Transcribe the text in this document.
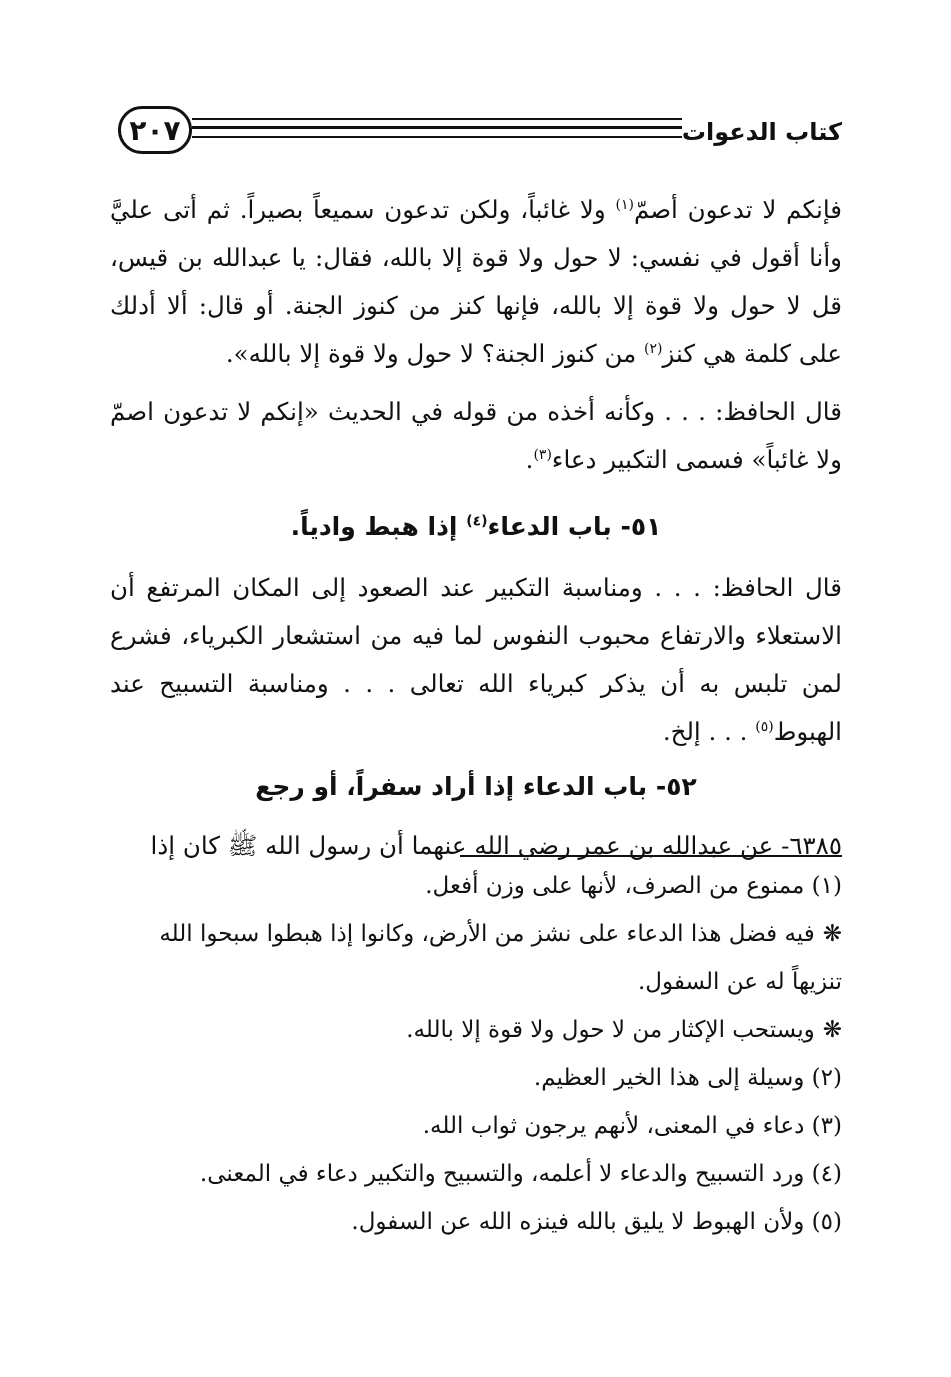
٢٠٧	كتاب الدعوات

فإنكم لا تدعون أصمّ$^{(١)}$ ولا غائباً، ولكن تدعون سميعاً بصيراً. ثم أتى عليَّ وأنا أقول في نفسي: لا حول ولا قوة إلا بالله، فقال: يا عبدالله بن قيس، قل لا حول ولا قوة إلا بالله، فإنها كنز من كنوز الجنة. أو قال: ألا أدلك على كلمة هي كنز$^{(٢)}$ من كنوز الجنة؟ لا حول ولا قوة إلا بالله».

قال الحافظ: . . . وكأنه أخذه من قوله في الحديث «إنكم لا تدعون اصمّ ولا غائباً» فسمى التكبير دعاء$^{(٣)}$.

٥١- باب الدعاء$^{(٤)}$ إذا هبط وادياً.

قال الحافظ: . . . ومناسبة التكبير عند الصعود إلى المكان المرتفع أن الاستعلاء والارتفاع محبوب النفوس لما فيه من استشعار الكبرياء، فشرع لمن تلبس به أن يذكر كبرياء الله تعالى . . . ومناسبة التسبيح عند الهبوط$^{(٥)}$ . . . إلخ.

٥٢- باب الدعاء إذا أراد سفراً، أو رجع

٦٣٨٥- عن عبدالله بن عمر رضي الله عنهما أن رسول الله ﷺ كان إذا

(١) ممنوع من الصرف، لأنها على وزن أفعل.

❋فيه فضل هذا الدعاء على نشز من الأرض، وكانوا إذا هبطوا سبحوا الله تنزيهاً له عن السفول.

❋ويستحب الإكثار من لا حول ولا قوة إلا بالله.

(٢) وسيلة إلى هذا الخير العظيم.

(٣) دعاء في المعنى، لأنهم يرجون ثواب الله.

(٤) ورد التسبيح والدعاء لا أعلمه، والتسبيح والتكبير دعاء في المعنى.

(٥) ولأن الهبوط لا يليق بالله فينزه الله عن السفول.
